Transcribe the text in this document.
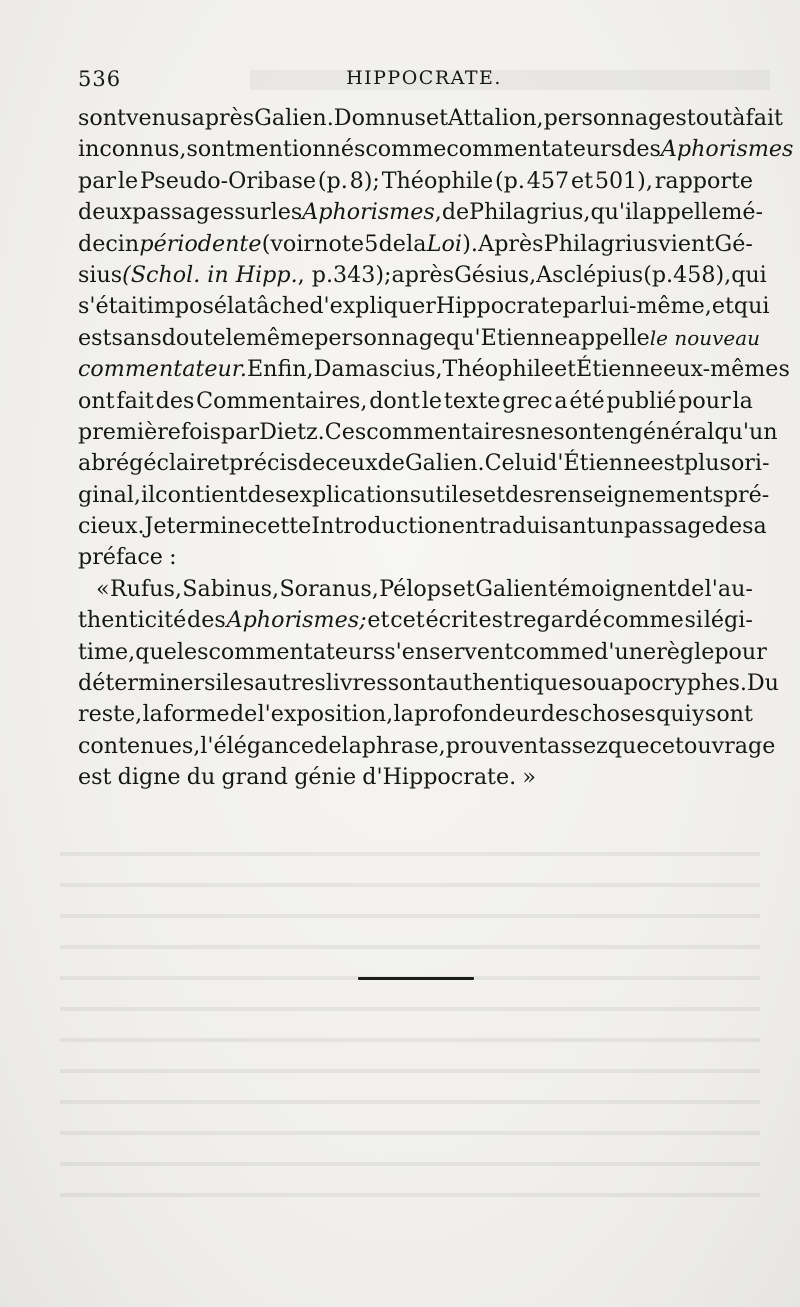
536	HIPPOCRATE.
sont venus après Galien. Domnus et Attalion, personnages tout à fait
inconnus, sont mentionnés comme commentateurs des Aphorismes
par le Pseudo-Oribase (p. 8); Théophile (p. 457 et 501), rapporte
deux passages sur les Aphorismes , de Philagrius, qu'il appelle mé-
decin périodente (voir note 5 de la Loi ). Après Philagrius vient Gé-
sius (Schol. in Hipp. , p. 343); après Gésius, Asclépius (p. 458), qui
s'était imposé la tâche d'expliquer Hippocrate par lui-même, et qui
est sans doute le même personnage qu'Etienne appelle le nouveau
commentateur. Enfin, Damascius, Théophile et Étienne eux-mêmes
ont fait des Commentaires, dont le texte grec a été publié pour la
première fois par Dietz. Ces commentaires ne sont en général qu'un
abrégé clair et précis de ceux de Galien. Celui d'Étienne est plus ori-
ginal, il contient des explications utiles et des renseignements pré-
cieux. Je termine cette Introduction en traduisant un passage de sa
préface :
« Rufus, Sabinus, Soranus, Pélops et Galien témoignent de l'au-
thenticité des Aphorismes; et cet écrit est regardé comme si légi-
time, que les commentateurs s'en servent comme d'une règle pour
déterminer si les autres livres sont authentiques ou apocryphes. Du
reste, la forme de l'exposition, la profondeur des choses qui y sont
contenues, l'élégance de la phrase, prouvent assez que cet ouvrage
est digne du grand génie d'Hippocrate. »
